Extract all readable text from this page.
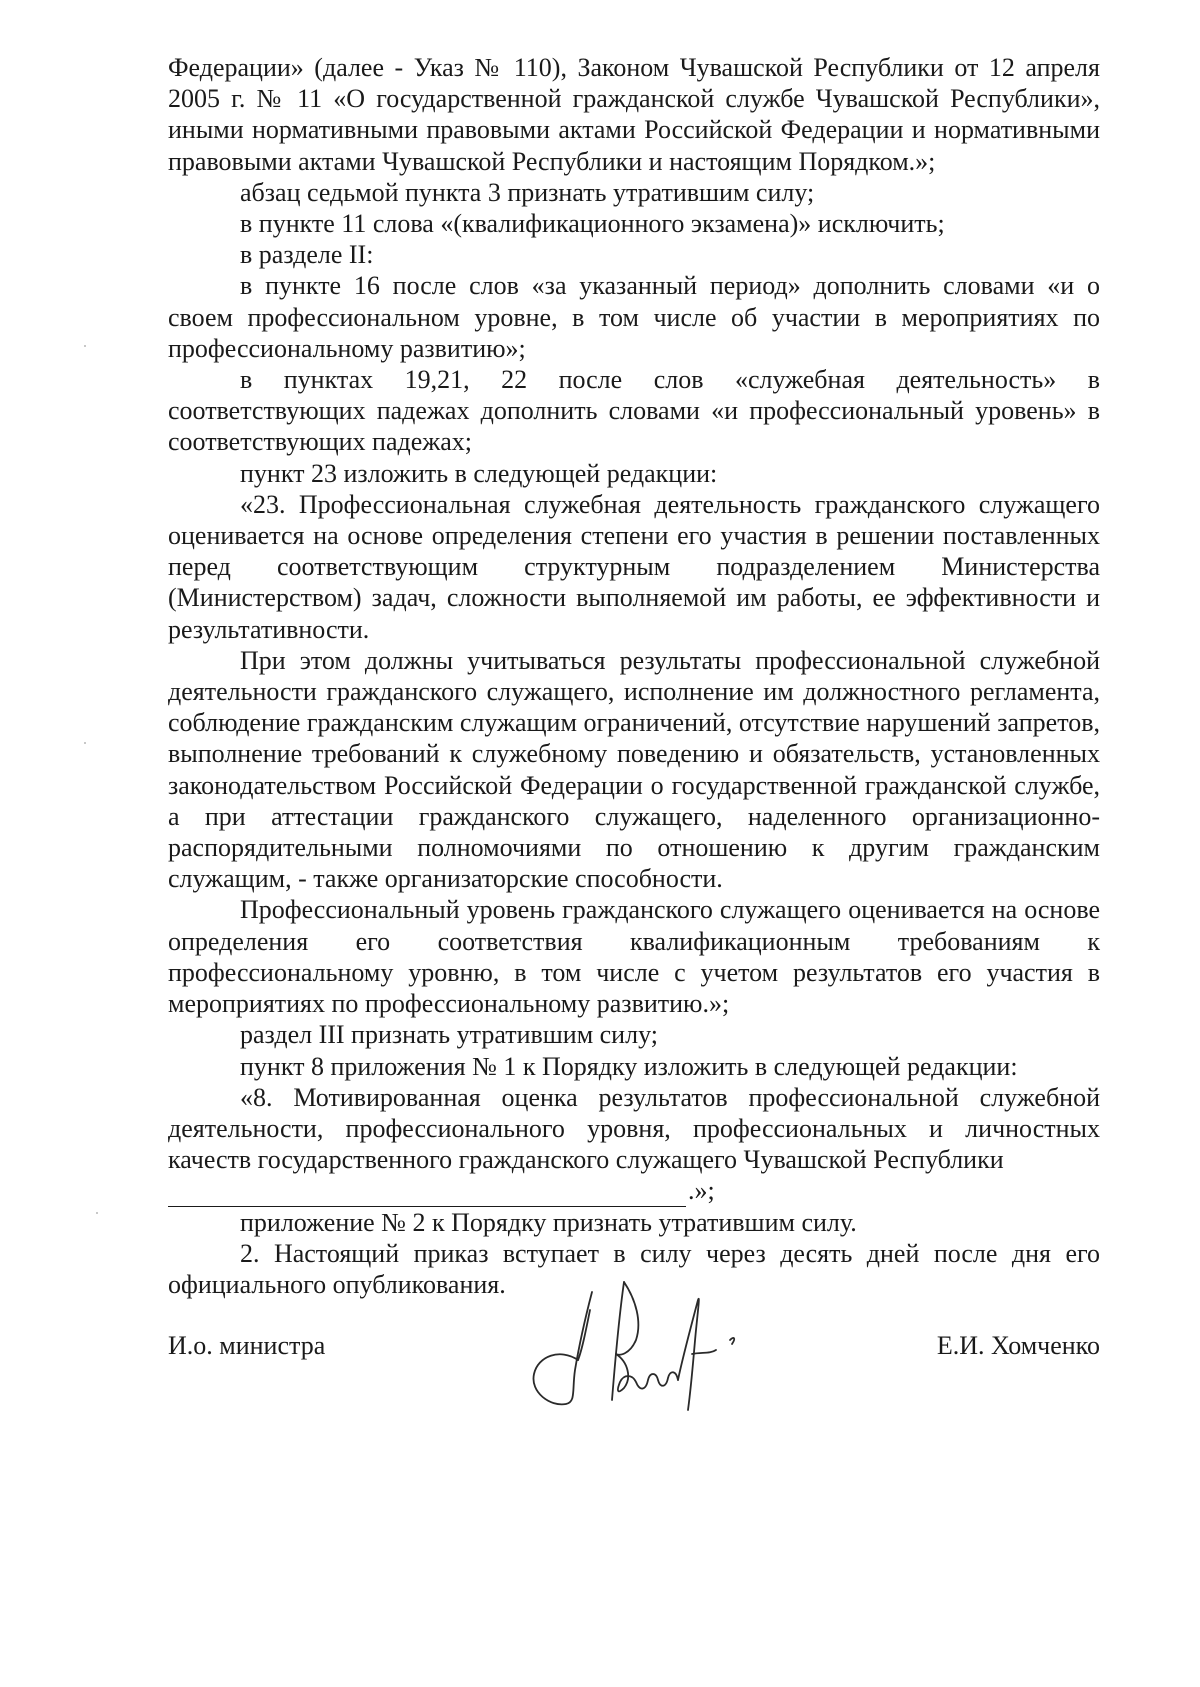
Федерации» (далее - Указ № 110), Законом Чувашской Республики от 12 апреля 2005 г. № 11 «О государственной гражданской службе Чувашской Республики», иными нормативными правовыми актами Российской Федерации и нормативными правовыми актами Чувашской Республики и настоящим Порядком.»;

абзац седьмой пункта 3 признать утратившим силу;

в пункте 11 слова «(квалификационного экзамена)» исключить;

в разделе II:

в пункте 16 после слов «за указанный период» дополнить словами «и о своем профессиональном уровне, в том числе об участии в мероприятиях по профессиональному развитию»;

в пунктах 19,21, 22 после слов «служебная деятельность» в соответствующих падежах дополнить словами «и профессиональный уровень» в соответствующих падежах;

пункт 23 изложить в следующей редакции:

«23. Профессиональная служебная деятельность гражданского служащего оценивается на основе определения степени его участия в решении поставленных перед соответствующим структурным подразделением Министерства (Министерством) задач, сложности выполняемой им работы, ее эффективности и результативности.

При этом должны учитываться результаты профессиональной служебной деятельности гражданского служащего, исполнение им должностного регламента, соблюдение гражданским служащим ограничений, отсутствие нарушений запретов, выполнение требований к служебному поведению и обязательств, установленных законодательством Российской Федерации о государственной гражданской службе, а при аттестации гражданского служащего, наделенного организационно-распорядительными полномочиями по отношению к другим гражданским служащим, - также организаторские способности.

Профессиональный уровень гражданского служащего оценивается на основе определения его соответствия квалификационным требованиям к профессиональному уровню, в том числе с учетом результатов его участия в мероприятиях по профессиональному развитию.»;

раздел III признать утратившим силу;

пункт 8 приложения № 1 к Порядку изложить в следующей редакции:

«8. Мотивированная оценка результатов профессиональной служебной деятельности, профессионального уровня, профессиональных и личностных качеств государственного гражданского служащего Чувашской Республики

.»;

приложение № 2 к Порядку признать утратившим силу.

2. Настоящий приказ вступает в силу через десять дней после дня его официального опубликования.

И.о. министра	Е.И. Хомченко
